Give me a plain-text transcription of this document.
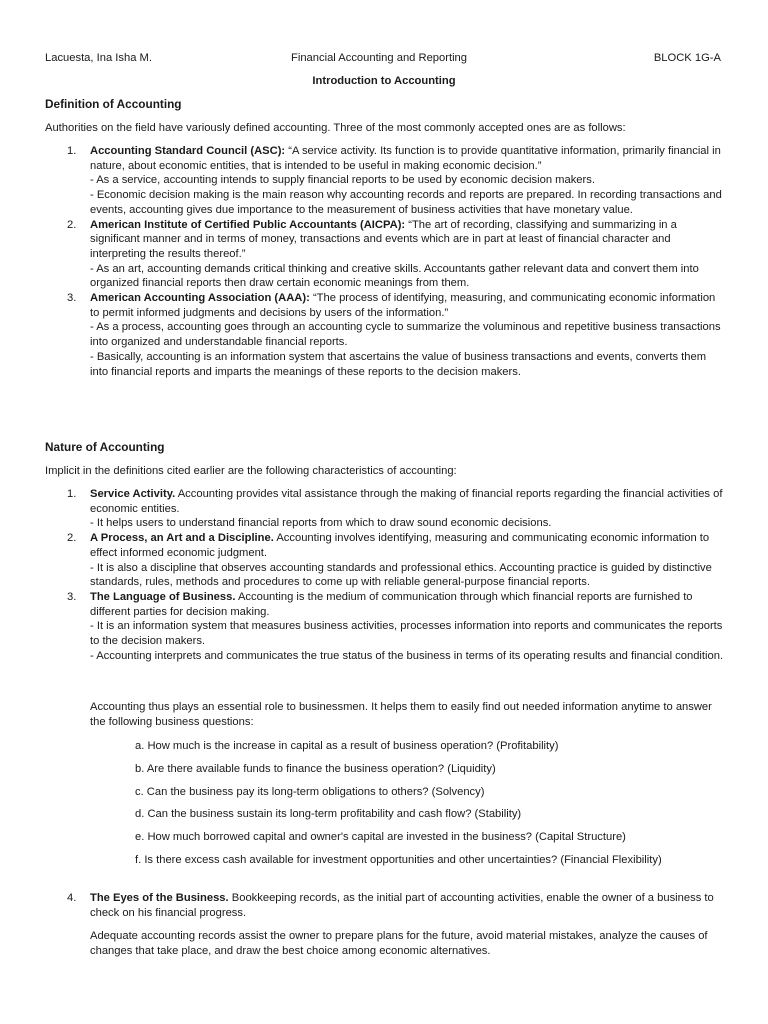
Lacuesta, Ina Isha M.	Financial Accounting and Reporting	BLOCK 1G-A
Introduction to Accounting
Definition of Accounting
Authorities on the field have variously defined accounting. Three of the most commonly accepted ones are as follows:
1. Accounting Standard Council (ASC): “A service activity. Its function is to provide quantitative information, primarily financial in nature, about economic entities, that is intended to be useful in making economic decision.”
- As a service, accounting intends to supply financial reports to be used by economic decision makers.
- Economic decision making is the main reason why accounting records and reports are prepared. In recording transactions and events, accounting gives due importance to the measurement of business activities that have monetary value.
2. American Institute of Certified Public Accountants (AICPA): “The art of recording, classifying and summarizing in a significant manner and in terms of money, transactions and events which are in part at least of financial character and interpreting the results thereof.”
- As an art, accounting demands critical thinking and creative skills. Accountants gather relevant data and convert them into organized financial reports then draw certain economic meanings from them.
3. American Accounting Association (AAA): “The process of identifying, measuring, and communicating economic information to permit informed judgments and decisions by users of the information.”
- As a process, accounting goes through an accounting cycle to summarize the voluminous and repetitive business transactions into organized and understandable financial reports.
- Basically, accounting is an information system that ascertains the value of business transactions and events, converts them into financial reports and imparts the meanings of these reports to the decision makers.
Nature of Accounting
Implicit in the definitions cited earlier are the following characteristics of accounting:
1. Service Activity. Accounting provides vital assistance through the making of financial reports regarding the financial activities of economic entities.
- It helps users to understand financial reports from which to draw sound economic decisions.
2. A Process, an Art and a Discipline. Accounting involves identifying, measuring and communicating economic information to effect informed economic judgment.
- It is also a discipline that observes accounting standards and professional ethics. Accounting practice is guided by distinctive standards, rules, methods and procedures to come up with reliable general-purpose financial reports.
3. The Language of Business. Accounting is the medium of communication through which financial reports are furnished to different parties for decision making.
- It is an information system that measures business activities, processes information into reports and communicates the reports to the decision makers.
- Accounting interprets and communicates the true status of the business in terms of its operating results and financial condition.
Accounting thus plays an essential role to businessmen. It helps them to easily find out needed information anytime to answer the following business questions:
a. How much is the increase in capital as a result of business operation? (Profitability)
b. Are there available funds to finance the business operation? (Liquidity)
c. Can the business pay its long-term obligations to others? (Solvency)
d. Can the business sustain its long-term profitability and cash flow? (Stability)
e. How much borrowed capital and owner's capital are invested in the business? (Capital Structure)
f. Is there excess cash available for investment opportunities and other uncertainties? (Financial Flexibility)
4. The Eyes of the Business. Bookkeeping records, as the initial part of accounting activities, enable the owner of a business to check on his financial progress.
Adequate accounting records assist the owner to prepare plans for the future, avoid material mistakes, analyze the causes of changes that take place, and draw the best choice among economic alternatives.
